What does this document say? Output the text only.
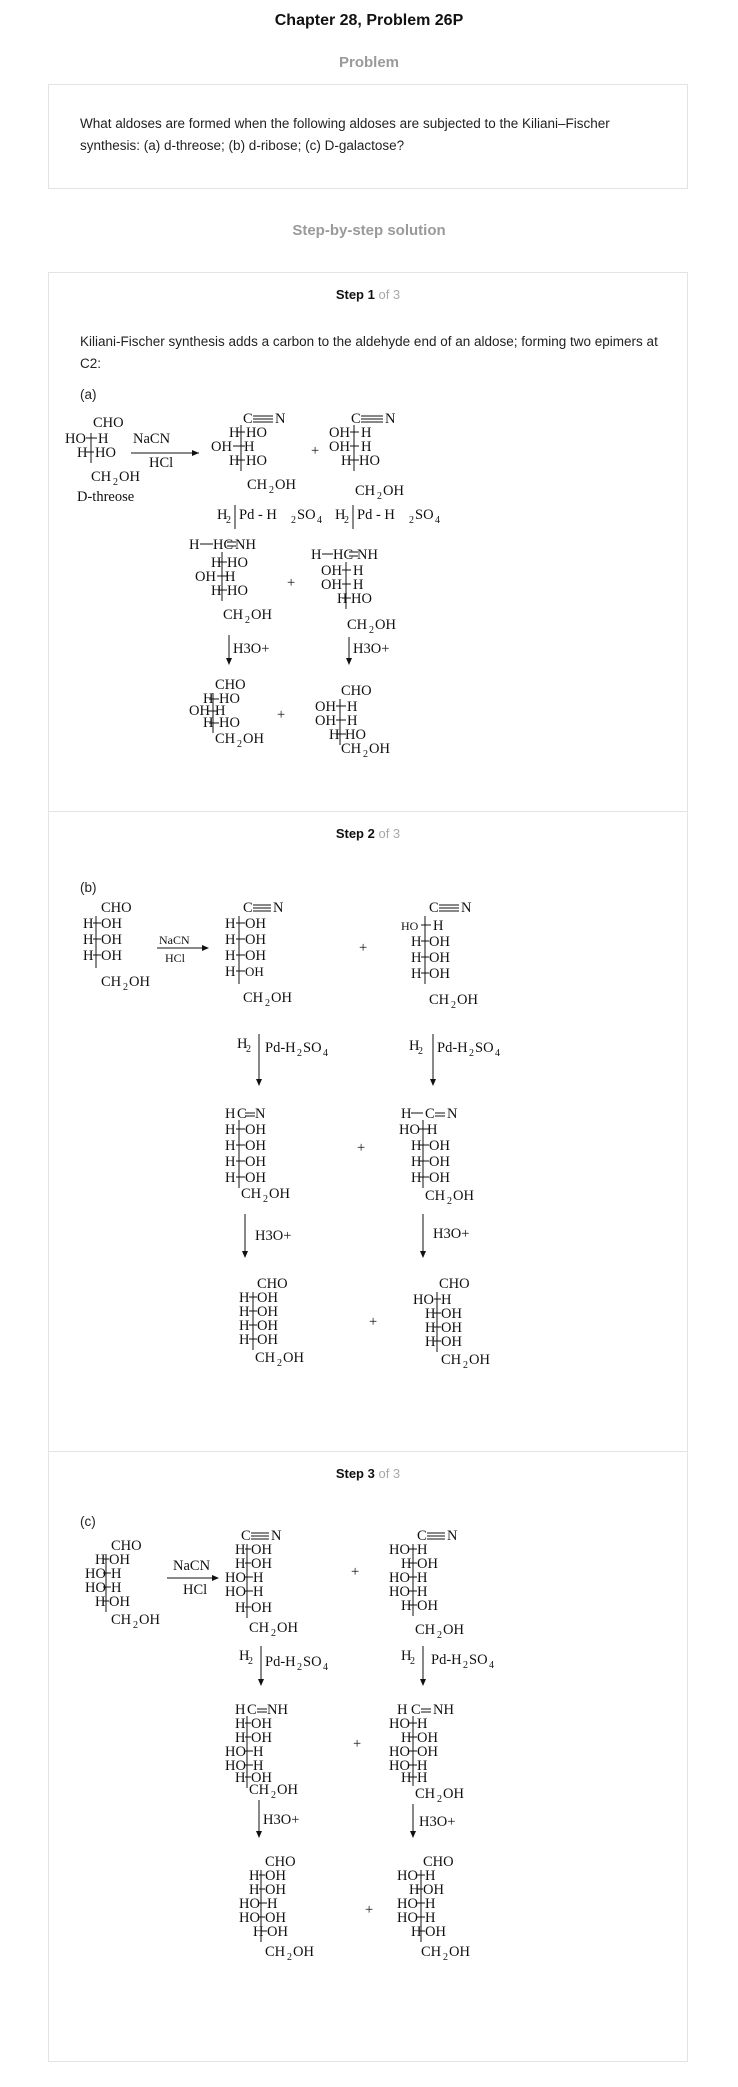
Chapter 28, Problem 26P
Problem
What aldoses are formed when the following aldoses are subjected to the Kiliani–Fischer synthesis: (a) d-threose; (b) d-ribose; (c) D-galactose?
Step-by-step solution
Step 1 of 3
Kiliani-Fischer synthesis adds a carbon to the aldehyde end of an aldose; forming two epimers at C2:
(a)
CHO
HO H
H HO
CH 2 OH
D-threose
NaCN
HCl
C N
H HO
OH H
H HO
CH 2 OH
+
C N
OH H
OH H
H HO
CH 2 OH
H
2 Pd - H 2 SO 4 H
2 Pd - H 2 SO 4
H HC NH
H HO
OH H
H HO
CH 2 OH
+
H HC NH
OH H
OH H
H HO
CH 2 OH
H3O+	H3O+
CHO
H HO
OH H
H HO
CH 2 OH
+
CHO
OH H
OH H
H HO
CH 2 OH
Step 2 of 3
(b)
CHO
H OH
H OH
H OH
CH 2 OH
NaCN
HCl
C N
H OH
H OH
H OH
H OH
CH 2 OH
+
C N
HO H
H OH
H OH
H OH
CH 2 OH
H
2 Pd-H 2 SO 4	H
2 Pd-H 2 SO 4
H C N
H OH
H OH
H OH
H OH
CH 2 OH
+
H C N
HO H
H OH
H OH
H OH
CH 2 OH
H3O+	H3O+
CHO
H OH
H OH
H OH
H OH
CH 2 OH
+
CHO
HO H
H OH
H OH
H OH
CH 2 OH
Step 3 of 3
(c)
CHO
H OH
HO H
HO H
H OH
CH 2 OH
NaCN
HCl
C N
H OH
H OH
HO H
HO H
H OH
CH 2 OH
+
C N
HO H
H OH
HO H
HO H
H OH
CH 2 OH
H
2 Pd-H 2 SO 4
H
2 Pd-H 2 SO 4
H C NH
H OH
H OH
HO H
HO H
H OH
CH 2 OH
+
H C NH
HO H
H OH
HO OH
HO H
H H
CH 2 OH
H3O+	H3O+
CHO
H OH
H OH
HO H
HO OH
H OH
CH 2 OH
+
CHO
HO H
H OH
HO H
HO H
H OH
CH 2 OH
